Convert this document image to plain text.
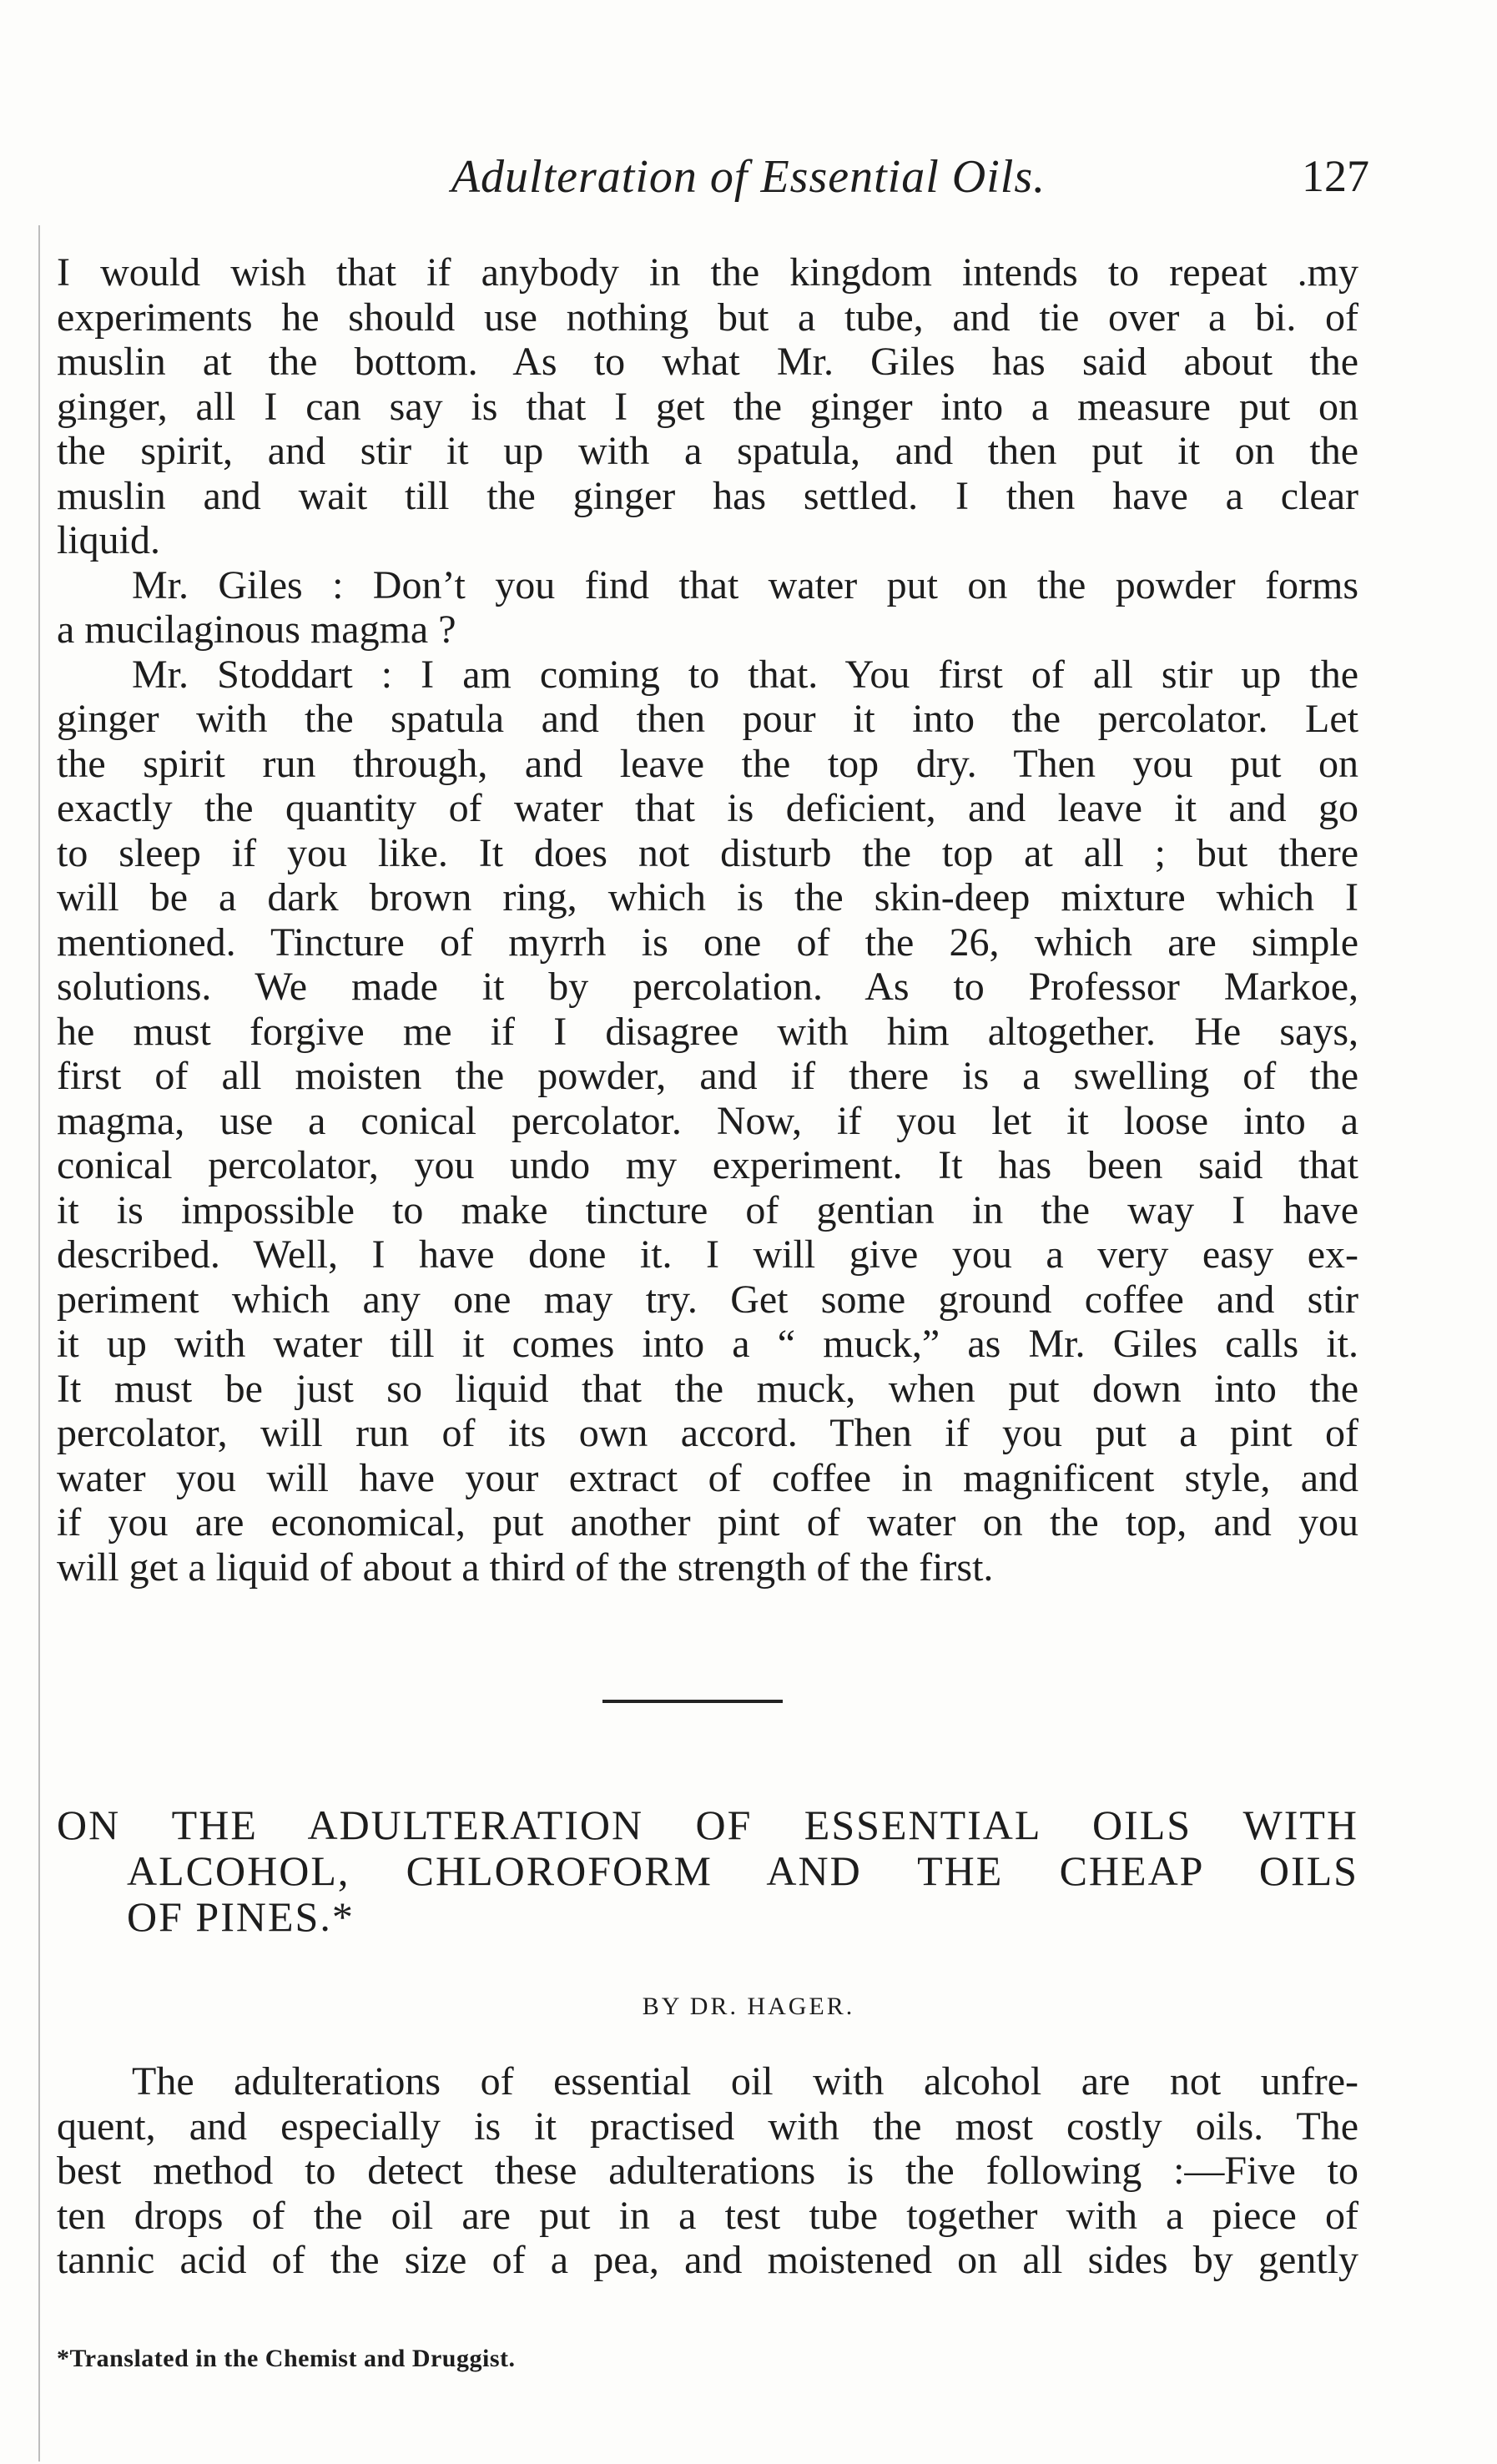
Adulteration of Essential Oils.	127
I would wish that if anybody in the kingdom intends to repeat .my
experiments he should use nothing but a tube, and tie over a bi. of
muslin at the bottom. As to what Mr. Giles has said about the
ginger, all I can say is that I get the ginger into a measure put on
the spirit, and stir it up with a spatula, and then put it on the
muslin and wait till the ginger has settled. I then have a clear
liquid.
Mr. Giles : Don’t you find that water put on the powder forms
a mucilaginous magma ?
Mr. Stoddart : I am coming to that. You first of all stir up the
ginger with the spatula and then pour it into the percolator. Let
the spirit run through, and leave the top dry. Then you put on
exactly the quantity of water that is deficient, and leave it and go
to sleep if you like. It does not disturb the top at all ; but there
will be a dark brown ring, which is the skin-deep mixture which I
mentioned. Tincture of myrrh is one of the 26, which are simple
solutions. We made it by percolation. As to Professor Markoe,
he must forgive me if I disagree with him altogether. He says,
first of all moisten the powder, and if there is a swelling of the
magma, use a conical percolator. Now, if you let it loose into a
conical percolator, you undo my experiment. It has been said that
it is impossible to make tincture of gentian in the way I have
described. Well, I have done it. I will give you a very easy ex-
periment which any one may try. Get some ground coffee and stir
it up with water till it comes into a “ muck,” as Mr. Giles calls it.
It must be just so liquid that the muck, when put down into the
percolator, will run of its own accord. Then if you put a pint of
water you will have your extract of coffee in magnificent style, and
if you are economical, put another pint of water on the top, and you
will get a liquid of about a third of the strength of the first.
ON THE ADULTERATION OF ESSENTIAL OILS WITH
ALCOHOL, CHLOROFORM AND THE CHEAP OILS
OF PINES.*
BY DR. HAGER.
The adulterations of essential oil with alcohol are not unfre-
quent, and especially is it practised with the most costly oils. The
best method to detect these adulterations is the following :—Five to
ten drops of the oil are put in a test tube together with a piece of
tannic acid of the size of a pea, and moistened on all sides by gently
*Translated in the Chemist and Druggist.
